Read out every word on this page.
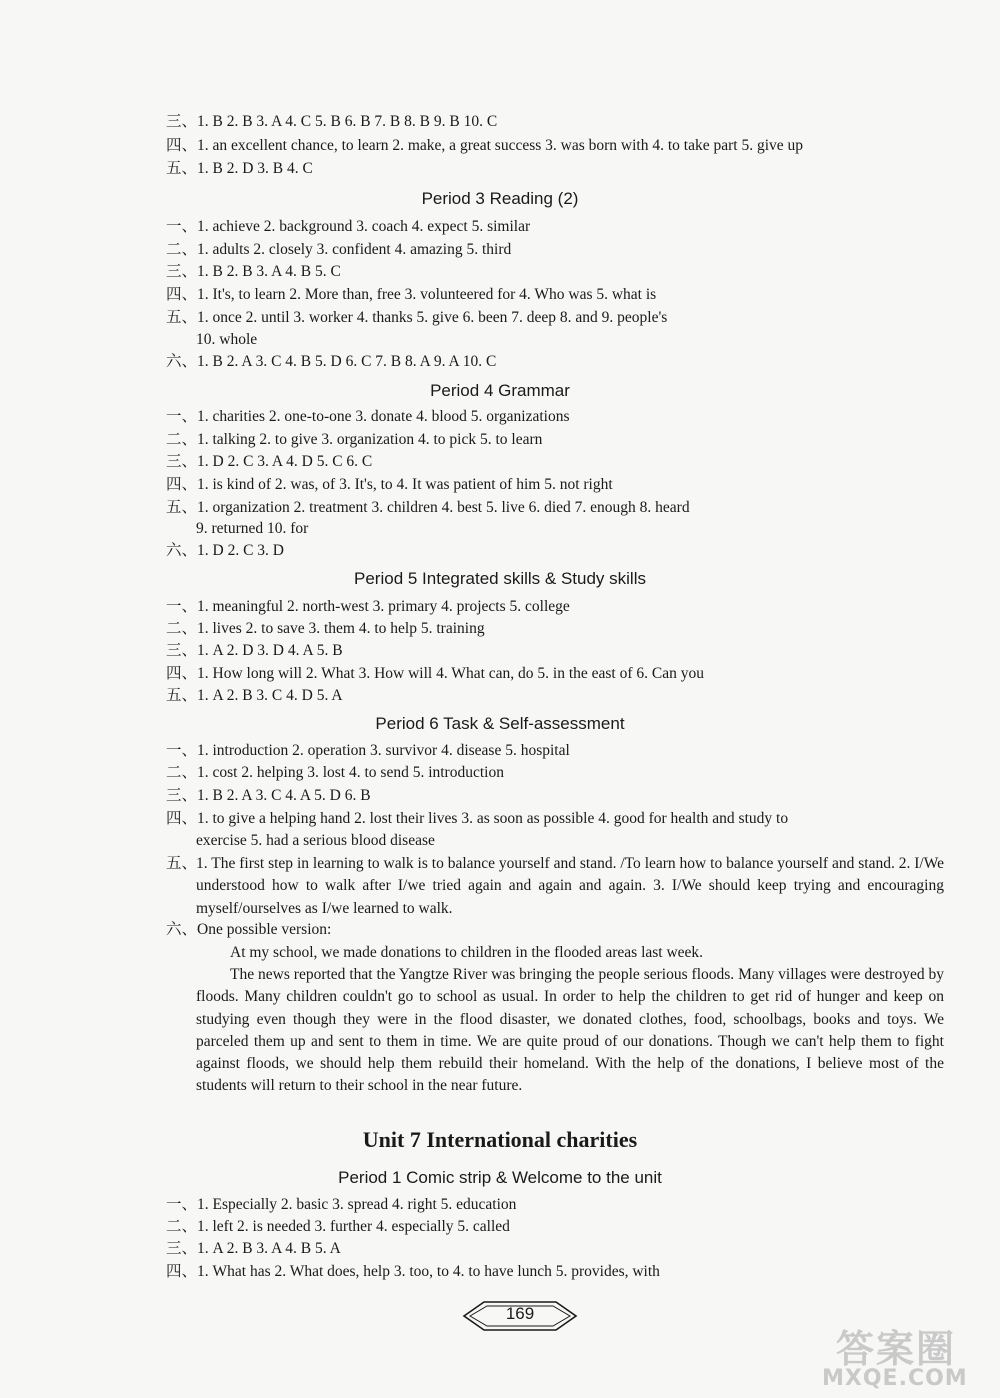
三、1. B 2. B 3. A 4. C 5. B 6. B 7. B 8. B 9. B 10. C
四、1. an excellent chance, to learn 2. make, a great success 3. was born with 4. to take part 5. give up
五、1. B 2. D 3. B 4. C
Period 3 Reading (2)
一、1. achieve 2. background 3. coach 4. expect 5. similar
二、1. adults 2. closely 3. confident 4. amazing 5. third
三、1. B 2. B 3. A 4. B 5. C
四、1. It's, to learn 2. More than, free 3. volunteered for 4. Who was 5. what is
五、1. once 2. until 3. worker 4. thanks 5. give 6. been 7. deep 8. and 9. people's
10. whole
六、1. B 2. A 3. C 4. B 5. D 6. C 7. B 8. A 9. A 10. C
Period 4 Grammar
一、1. charities 2. one-to-one 3. donate 4. blood 5. organizations
二、1. talking 2. to give 3. organization 4. to pick 5. to learn
三、1. D 2. C 3. A 4. D 5. C 6. C
四、1. is kind of 2. was, of 3. It's, to 4. It was patient of him 5. not right
五、1. organization 2. treatment 3. children 4. best 5. live 6. died 7. enough 8. heard
9. returned 10. for
六、1. D 2. C 3. D
Period 5 Integrated skills & Study skills
一、1. meaningful 2. north-west 3. primary 4. projects 5. college
二、1. lives 2. to save 3. them 4. to help 5. training
三、1. A 2. D 3. D 4. A 5. B
四、1. How long will 2. What 3. How will 4. What can, do 5. in the east of 6. Can you
五、1. A 2. B 3. C 4. D 5. A
Period 6 Task & Self-assessment
一、1. introduction 2. operation 3. survivor 4. disease 5. hospital
二、1. cost 2. helping 3. lost 4. to send 5. introduction
三、1. B 2. A 3. C 4. A 5. D 6. B
四、1. to give a helping hand 2. lost their lives 3. as soon as possible 4. good for health and study to
exercise 5. had a serious blood disease
五、
1. The first step in learning to walk is to balance yourself and stand. /To learn how to balance yourself and stand. 2. I/We understood how to walk after I/we tried again and again and again. 3. I/We should keep trying and encouraging myself/ourselves as I/we learned to walk.
六、One possible version:
At my school, we made donations to children in the flooded areas last week.
The news reported that the Yangtze River was bringing the people serious floods. Many villages were destroyed by floods. Many children couldn't go to school as usual. In order to help the children to get rid of hunger and keep on studying even though they were in the flood disaster, we donated clothes, food, schoolbags, books and toys. We parceled them up and sent to them in time. We are quite proud of our donations. Though we can't help them to fight against floods, we should help them rebuild their homeland. With the help of the donations, I believe most of the students will return to their school in the near future.
Unit 7 International charities
Period 1 Comic strip & Welcome to the unit
一、1. Especially 2. basic 3. spread 4. right 5. education
二、1. left 2. is needed 3. further 4. especially 5. called
三、1. A 2. B 3. A 4. B 5. A
四、1. What has 2. What does, help 3. too, to 4. to have lunch 5. provides, with
169
答案圈
MXQE.COM
